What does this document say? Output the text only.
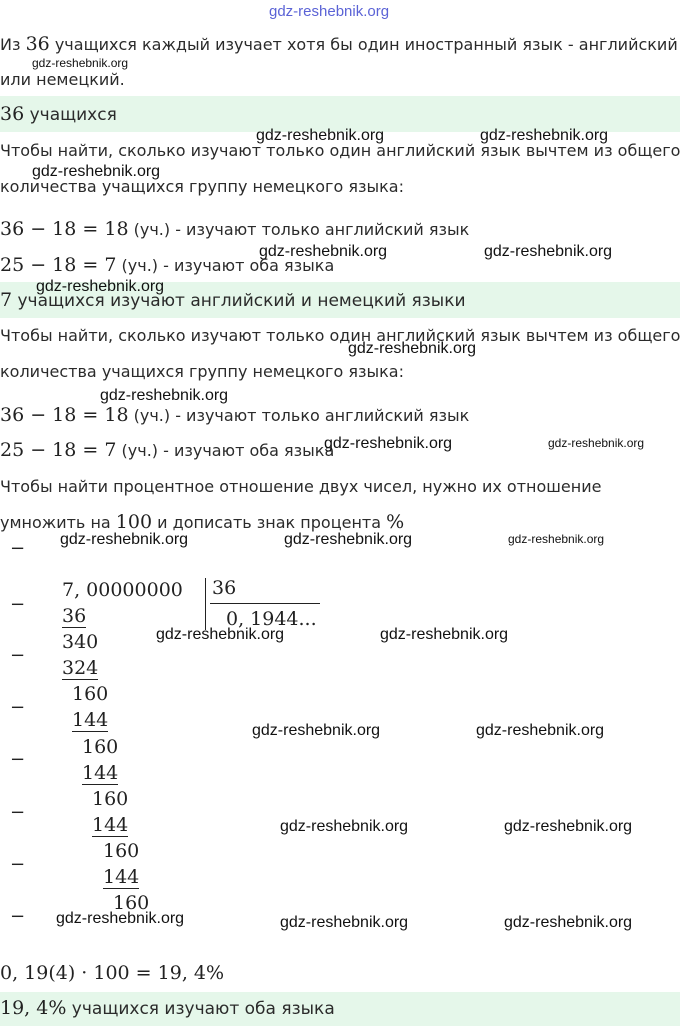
gdz-reshebnik.org
Из 36 учащихся каждый изучает хотя бы один иностранный язык - английский
gdz-reshebnik.org
или немецкий.
36 учащихся
gdz-reshebnik.org	gdz-reshebnik.org
Чтобы найти, сколько изучают только один английский язык вычтем из общего
gdz-reshebnik.org
количества учащихся группу немецкого языка:
36 − 18 = 18 (уч.) - изучают только английский язык
gdz-reshebnik.org	gdz-reshebnik.org
25 − 18 = 7 (уч.) - изучают оба языка
gdz-reshebnik.org
7 учащихся изучают английский и немецкий языки
Чтобы найти, сколько изучают только один английский язык вычтем из общего
gdz-reshebnik.org
количества учащихся группу немецкого языка:
gdz-reshebnik.org
36 − 18 = 18 (уч.) - изучают только английский язык
25 − 18 = 7 (уч.) - изучают оба языка
gdz-reshebnik.org	gdz-reshebnik.org
Чтобы найти процентное отношение двух чисел, нужно их отношение
умножить на 100 и дописать знак процента %
− gdz-reshebnik.org	gdz-reshebnik.org	gdz-reshebnik.org
7, 00000000 36
0, 1944...
−
36
340	gdz-reshebnik.org	gdz-reshebnik.org
−
324
160
−
144
160
gdz-reshebnik.org	gdz-reshebnik.org
−
144
160
−
144	gdz-reshebnik.org	gdz-reshebnik.org
160
−
144
160
− gdz-reshebnik.org	gdz-reshebnik.org	gdz-reshebnik.org
0, 19(4) · 100 = 19, 4%
19, 4% учащихся изучают оба языка
